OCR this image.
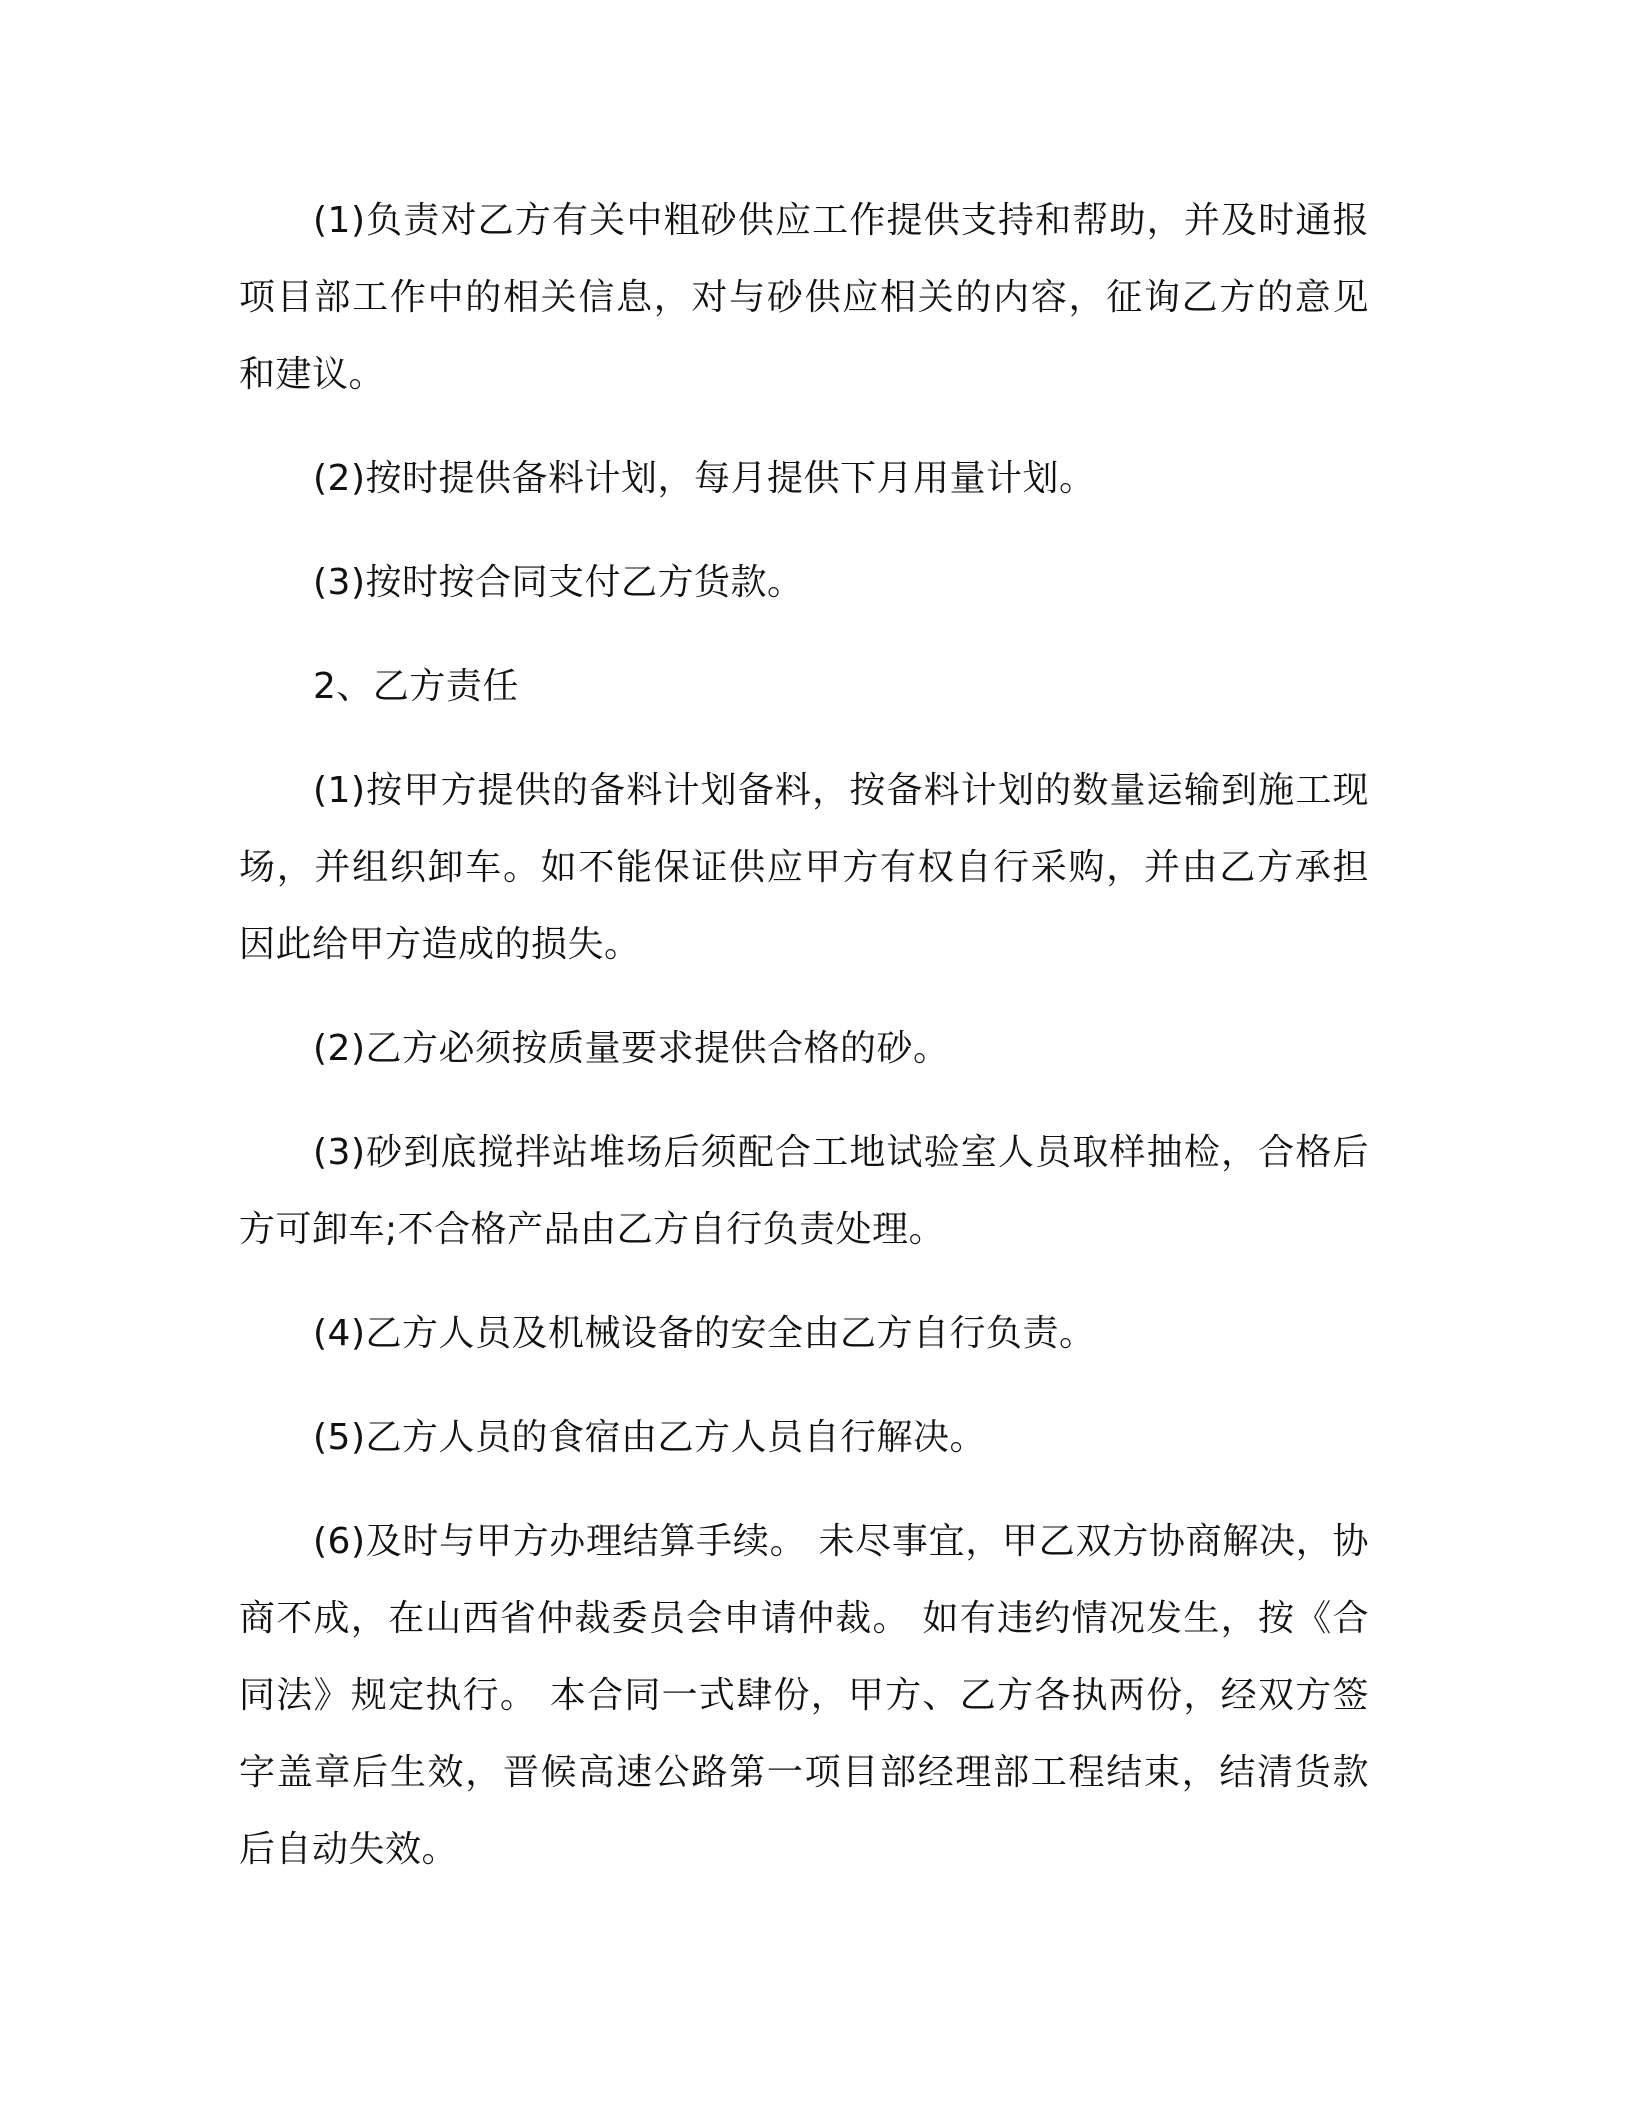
(1)负责对乙方有关中粗砂供应工作提供支持和帮助，并及时通报项目部工作中的相关信息，对与砂供应相关的内容，征询乙方的意见和建议。

(2)按时提供备料计划，每月提供下月用量计划。

(3)按时按合同支付乙方货款。

2、乙方责任

(1)按甲方提供的备料计划备料，按备料计划的数量运输到施工现场，并组织卸车。如不能保证供应甲方有权自行采购，并由乙方承担因此给甲方造成的损失。

(2)乙方必须按质量要求提供合格的砂。

(3)砂到底搅拌站堆场后须配合工地试验室人员取样抽检，合格后方可卸车;不合格产品由乙方自行负责处理。

(4)乙方人员及机械设备的安全由乙方自行负责。

(5)乙方人员的食宿由乙方人员自行解决。

(6)及时与甲方办理结算手续。 未尽事宜，甲乙双方协商解决，协商不成，在山西省仲裁委员会申请仲裁。 如有违约情况发生，按《合同法》规定执行。 本合同一式肆份，甲方、乙方各执两份，经双方签字盖章后生效，晋候高速公路第一项目部经理部工程结束，结清货款后自动失效。
